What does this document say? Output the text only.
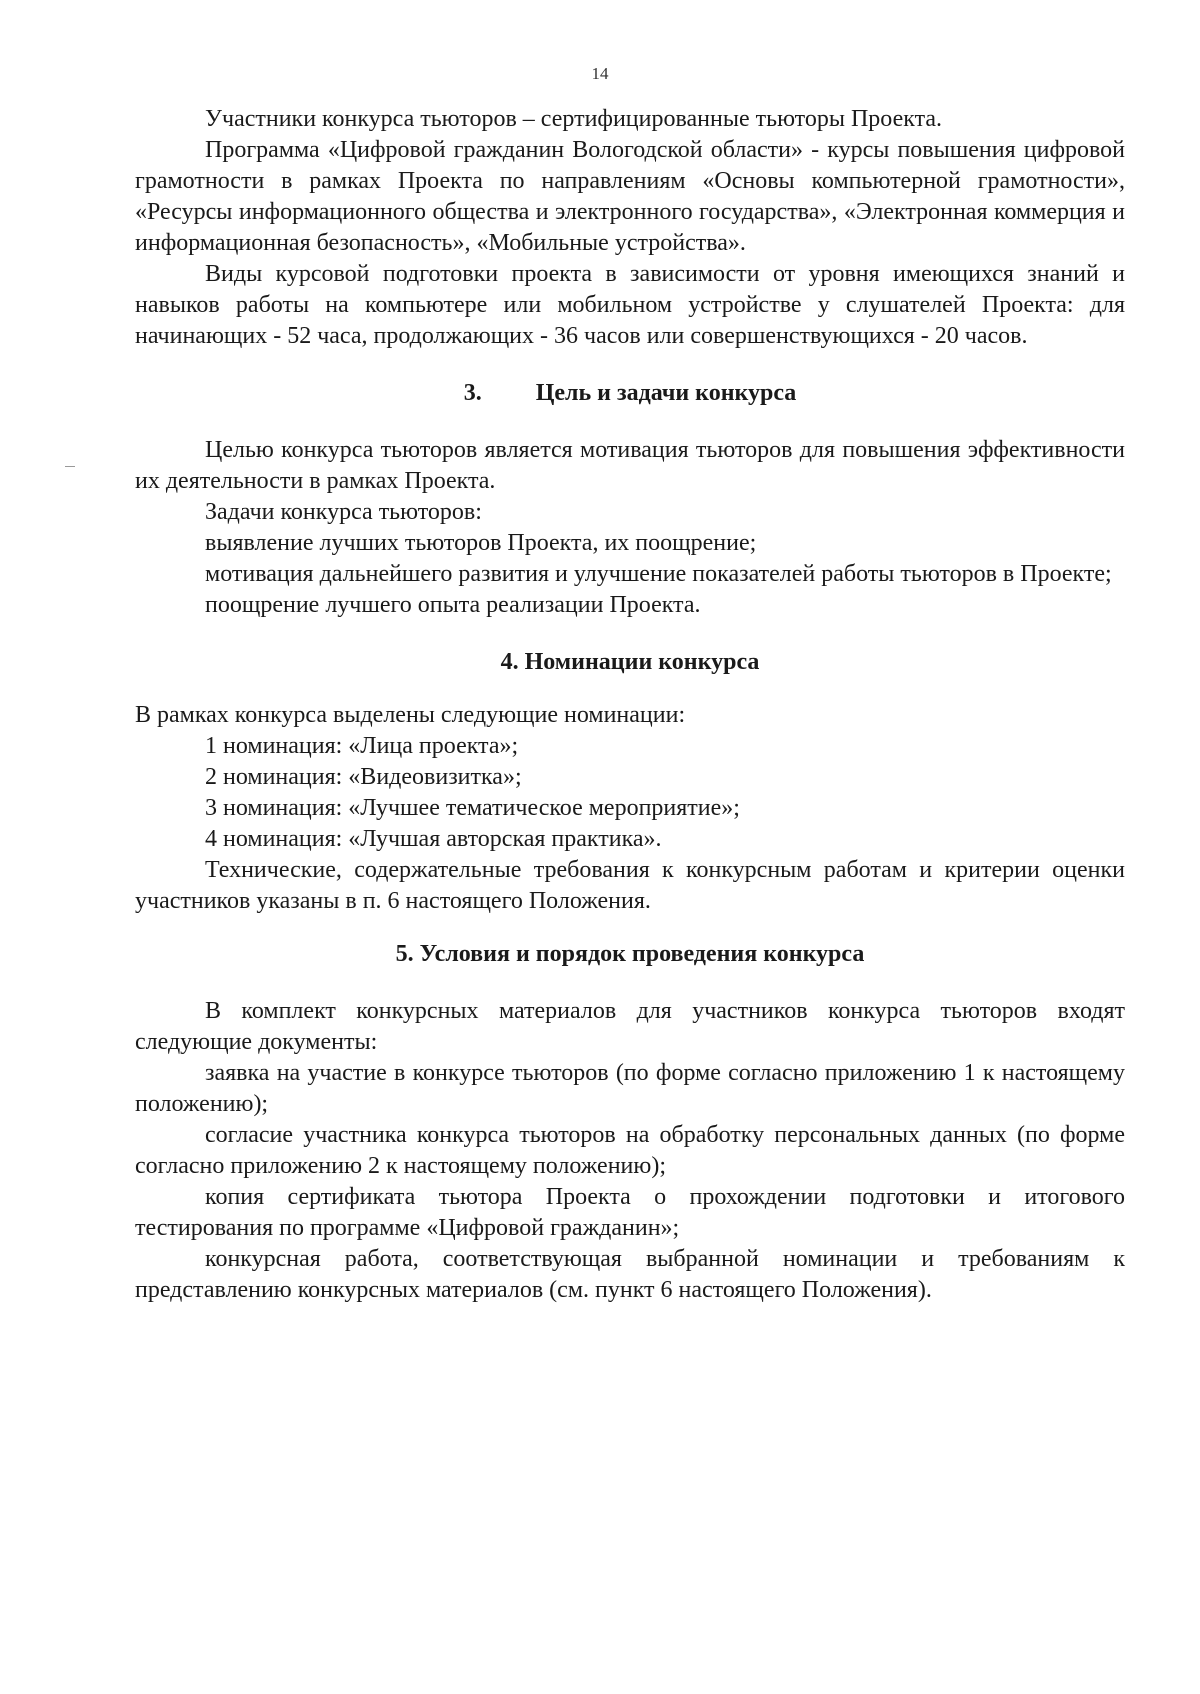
14

Участники конкурса тьюторов – сертифицированные тьюторы Проекта.

Программа «Цифровой гражданин Вологодской области» - курсы повышения цифровой грамотности в рамках Проекта по направлениям «Основы компьютерной грамотности», «Ресурсы информационного общества и электронного государства», «Электронная коммерция и информационная безопасность», «Мобильные устройства».

Виды курсовой подготовки проекта в зависимости от уровня имеющихся знаний и навыков работы на компьютере или мобильном устройстве у слушателей Проекта: для начинающих - 52 часа, продолжающих - 36 часов или совершенствующихся - 20 часов.

3. Цель и задачи конкурса

Целью конкурса тьюторов является мотивация тьюторов для повышения эффективности их деятельности в рамках Проекта.

Задачи конкурса тьюторов:

выявление лучших тьюторов Проекта, их поощрение;

мотивация дальнейшего развития и улучшение показателей работы тьюторов в Проекте;

поощрение лучшего опыта реализации Проекта.

4. Номинации конкурса

В рамках конкурса выделены следующие номинации:

1 номинация: «Лица проекта»;

2 номинация: «Видеовизитка»;

3 номинация: «Лучшее тематическое мероприятие»;

4 номинация: «Лучшая авторская практика».

Технические, содержательные требования к конкурсным работам и критерии оценки участников указаны в п. 6 настоящего Положения.

5. Условия и порядок проведения конкурса

В комплект конкурсных материалов для участников конкурса тьюторов входят следующие документы:

заявка на участие в конкурсе тьюторов (по форме согласно приложению 1 к настоящему положению);

согласие участника конкурса тьюторов на обработку персональных данных (по форме согласно приложению 2 к настоящему положению);

копия сертификата тьютора Проекта о прохождении подготовки и итогового тестирования по программе «Цифровой гражданин»;

конкурсная работа, соответствующая выбранной номинации и требованиям к представлению конкурсных материалов (см. пункт 6 настоящего Положения).
